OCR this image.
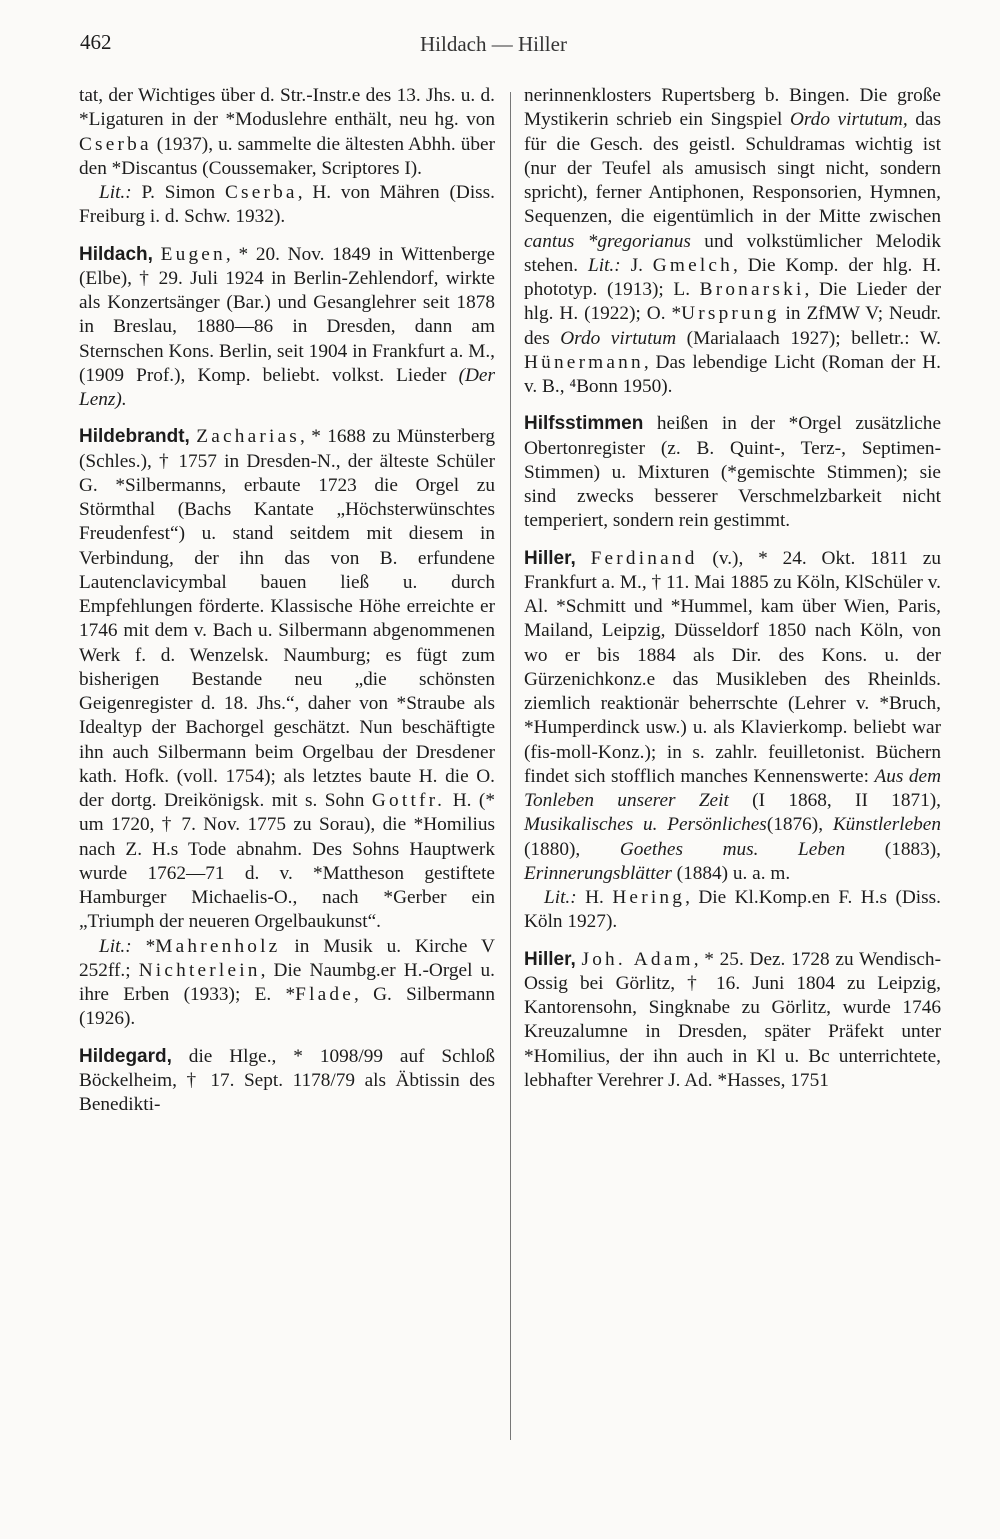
462	Hildach — Hiller

tat, der Wichtiges über d. Str.-Instr.e des 13. Jhs. u. d. *Ligaturen in der *Moduslehre enthält, neu hg. von Cserba (1937), u. sammelte die ältesten Abhh. über den *Discantus (Coussemaker, Scriptores I).

Lit.: P. Simon Cserba, H. von Mähren (Diss. Freiburg i. d. Schw. 1932).

Hildach, Eugen, * 20. Nov. 1849 in Wittenberge (Elbe), † 29. Juli 1924 in Berlin-Zehlendorf, wirkte als Konzertsänger (Bar.) und Gesanglehrer seit 1878 in Breslau, 1880—86 in Dresden, dann am Sternschen Kons. Berlin, seit 1904 in Frankfurt a. M., (1909 Prof.), Komp. beliebt. volkst. Lieder (Der Lenz).

Hildebrandt, Zacharias, * 1688 zu Münsterberg (Schles.), † 1757 in Dresden-N., der älteste Schüler G. *Silbermanns, erbaute 1723 die Orgel zu Störmthal (Bachs Kantate „Höchsterwünschtes Freudenfest“) u. stand seitdem mit diesem in Verbindung, der ihn das von B. erfundene Lautenclavicymbal bauen ließ u. durch Empfehlungen förderte. Klassische Höhe erreichte er 1746 mit dem v. Bach u. Silbermann abgenommenen Werk f. d. Wenzelsk. Naumburg; es fügt zum bisherigen Bestande neu „die schönsten Geigenregister d. 18. Jhs.“, daher von *Straube als Idealtyp der Bachorgel geschätzt. Nun beschäftigte ihn auch Silbermann beim Orgelbau der Dresdener kath. Hofk. (voll. 1754); als letztes baute H. die O. der dortg. Dreikönigsk. mit s. Sohn Gottfr. H. (* um 1720, † 7. Nov. 1775 zu Sorau), die *Homilius nach Z. H.s Tode abnahm. Des Sohns Hauptwerk wurde 1762—71 d. v. *Mattheson gestiftete Hamburger Michaelis-O., nach *Gerber ein „Triumph der neueren Orgelbaukunst“.

Lit.: *Mahrenholz in Musik u. Kirche V 252ff.; Nichterlein, Die Naumbg.er H.-Orgel u. ihre Erben (1933); E. *Flade, G. Silbermann (1926).

Hildegard, die Hlge., * 1098/99 auf Schloß Böckelheim, † 17. Sept. 1178/79 als Äbtissin des Benedikti-

nerinnenklosters Rupertsberg b. Bingen. Die große Mystikerin schrieb ein Singspiel Ordo virtutum, das für die Gesch. des geistl. Schuldramas wichtig ist (nur der Teufel als amusisch singt nicht, sondern spricht), ferner Antiphonen, Responsorien, Hymnen, Sequenzen, die eigentümlich in der Mitte zwischen cantus *gregorianus und volkstümlicher Melodik stehen. Lit.: J. Gmelch, Die Komp. der hlg. H. phototyp. (1913); L. Bronarski, Die Lieder der hlg. H. (1922); O. *Ursprung in ZfMW V; Neudr. des Ordo virtutum (Marialaach 1927); belletr.: W. Hünermann, Das lebendige Licht (Roman der H. v. B., ⁴Bonn 1950).

Hilfsstimmen heißen in der *Orgel zusätzliche Obertonregister (z. B. Quint-, Terz-, Septimen-Stimmen) u. Mixturen (*gemischte Stimmen); sie sind zwecks besserer Verschmelzbarkeit nicht temperiert, sondern rein gestimmt.

Hiller, Ferdinand (v.), * 24. Okt. 1811 zu Frankfurt a. M., † 11. Mai 1885 zu Köln, KlSchüler v. Al. *Schmitt und *Hummel, kam über Wien, Paris, Mailand, Leipzig, Düsseldorf 1850 nach Köln, von wo er bis 1884 als Dir. des Kons. u. der Gürzenichkonz.e das Musikleben des Rheinlds. ziemlich reaktionär beherrschte (Lehrer v. *Bruch, *Humperdinck usw.) u. als Klavierkomp. beliebt war (fis-moll-Konz.); in s. zahlr. feuilletonist. Büchern findet sich stofflich manches Kennenswerte: Aus dem Tonleben unserer Zeit (I 1868, II 1871), Musikalisches u. Persönliches(1876), Künstlerleben (1880), Goethes mus. Leben (1883), Erinnerungsblätter (1884) u. a. m.

Lit.: H. Hering, Die Kl.Komp.en F. H.s (Diss. Köln 1927).

Hiller, Joh. Adam, * 25. Dez. 1728 zu Wendisch-Ossig bei Görlitz, † 16. Juni 1804 zu Leipzig, Kantorensohn, Singknabe zu Görlitz, wurde 1746 Kreuzalumne in Dresden, später Präfekt unter *Homilius, der ihn auch in Kl u. Bc unterrichtete, lebhafter Verehrer J. Ad. *Hasses, 1751
